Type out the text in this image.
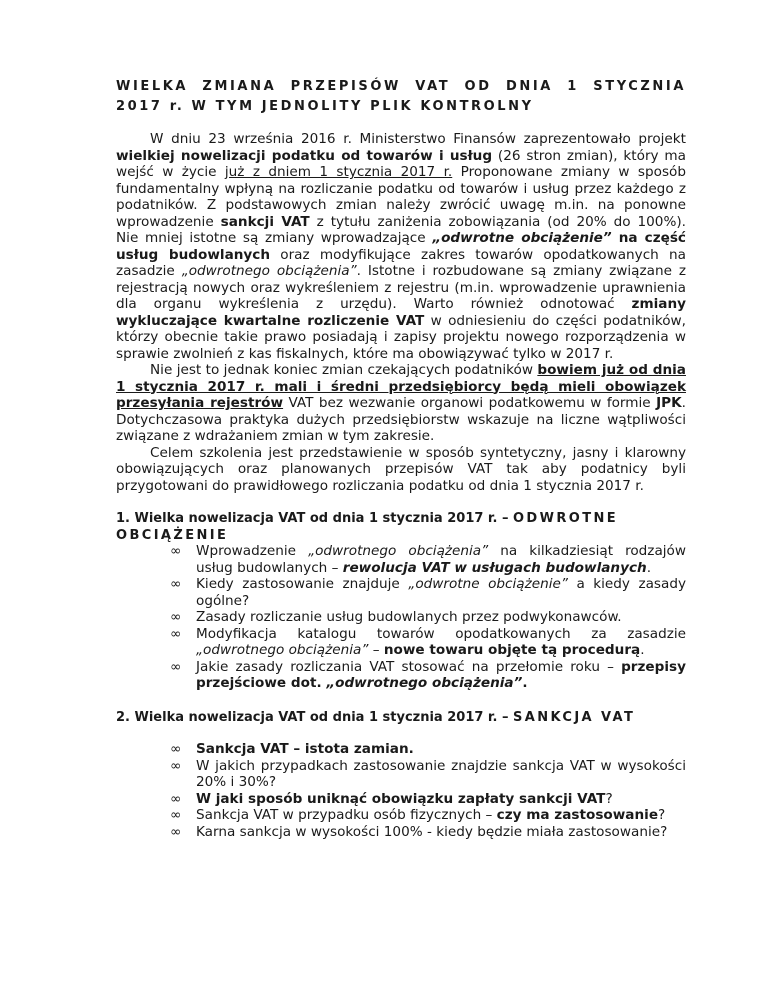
WIELKA ZMIANA PRZEPISÓW VAT OD DNIA 1 STYCZNIA 2017 r. W TYM JEDNOLITY PLIK KONTROLNY

W dniu 23 września 2016 r. Ministerstwo Finansów zaprezentowało projekt wielkiej nowelizacji podatku od towarów i usług (26 stron zmian), który ma wejść w życie już z dniem 1 stycznia 2017 r. Proponowane zmiany w sposób fundamentalny wpłyną na rozliczanie podatku od towarów i usług przez każdego z podatników. Z podstawowych zmian należy zwrócić uwagę m.in. na ponowne wprowadzenie sankcji VAT z tytułu zaniżenia zobowiązania (od 20% do 100%). Nie mniej istotne są zmiany wprowadzające „odwrotne obciążenie” na część usług budowlanych oraz modyfikujące zakres towarów opodatkowanych na zasadzie „odwrotnego obciążenia”. Istotne i rozbudowane są zmiany związane z rejestracją nowych oraz wykreśleniem z rejestru (m.in. wprowadzenie uprawnienia dla organu wykreślenia z urzędu). Warto również odnotować zmiany wykluczające kwartalne rozliczenie VAT w odniesieniu do części podatników, którzy obecnie takie prawo posiadają i zapisy projektu nowego rozporządzenia w sprawie zwolnień z kas fiskalnych, które ma obowiązywać tylko w 2017 r.

Nie jest to jednak koniec zmian czekających podatników bowiem już od dnia 1 stycznia 2017 r. mali i średni przedsiębiorcy będą mieli obowiązek przesyłania rejestrów VAT bez wezwanie organowi podatkowemu w formie JPK. Dotychczasowa praktyka dużych przedsiębiorstw wskazuje na liczne wątpliwości związane z wdrażaniem zmian w tym zakresie.

Celem szkolenia jest przedstawienie w sposób syntetyczny, jasny i klarowny obowiązujących oraz planowanych przepisów VAT tak aby podatnicy byli przygotowani do prawidłowego rozliczania podatku od dnia 1 stycznia 2017 r.

1. Wielka nowelizacja VAT od dnia 1 stycznia 2017 r. – ODWROTNE OBCIĄŻENIE
∞ Wprowadzenie „odwrotnego obciążenia” na kilkadziesiąt rodzajów usług budowlanych – rewolucja VAT w usługach budowlanych.
∞ Kiedy zastosowanie znajduje „odwrotne obciążenie” a kiedy zasady ogólne?
∞ Zasady rozliczanie usług budowlanych przez podwykonawców.
∞ Modyfikacja katalogu towarów opodatkowanych za zasadzie „odwrotnego obciążenia” – nowe towaru objęte tą procedurą.
∞ Jakie zasady rozliczania VAT stosować na przełomie roku – przepisy przejściowe dot. „odwrotnego obciążenia”.
2. Wielka nowelizacja VAT od dnia 1 stycznia 2017 r. – SANKCJA VAT
∞ Sankcja VAT – istota zamian.
∞ W jakich przypadkach zastosowanie znajdzie sankcja VAT w wysokości 20% i 30%?
∞ W jaki sposób uniknąć obowiązku zapłaty sankcji VAT?
∞ Sankcja VAT w przypadku osób fizycznych – czy ma zastosowanie?
∞ Karna sankcja w wysokości 100% - kiedy będzie miała zastosowanie?
